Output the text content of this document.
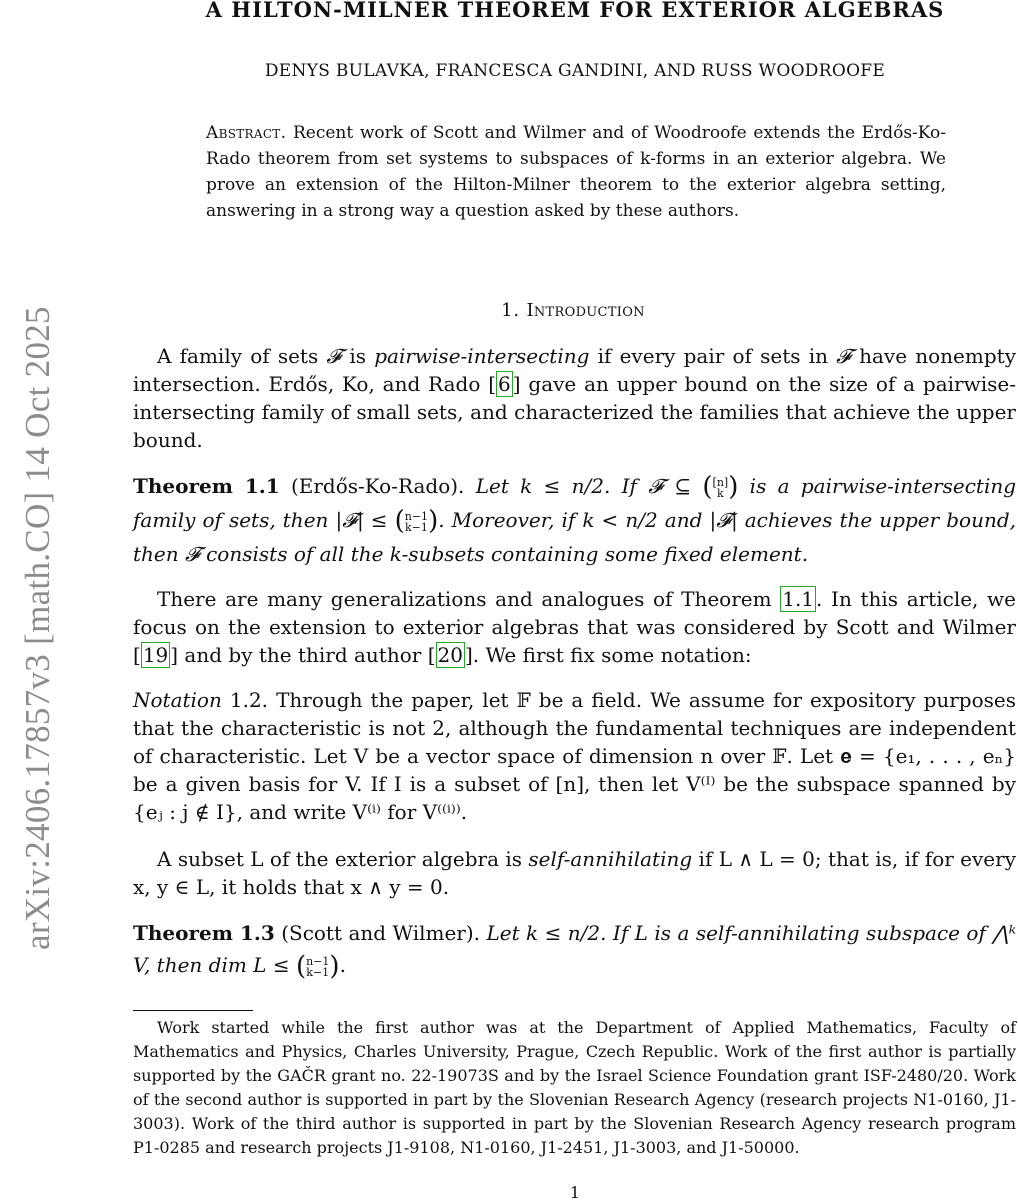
arXiv:2406.17857v3 [math.CO] 14 Oct 2025
A HILTON-MILNER THEOREM FOR EXTERIOR ALGEBRAS
DENYS BULAVKA, FRANCESCA GANDINI, AND RUSS WOODROOFE
Abstract. Recent work of Scott and Wilmer and of Woodroofe extends the Erdős-Ko-Rado theorem from set systems to subspaces of k-forms in an exterior algebra. We prove an extension of the Hilton-Milner theorem to the exterior algebra setting, answering in a strong way a question asked by these authors.
1. Introduction
A family of sets 𝓕 is pairwise-intersecting if every pair of sets in 𝓕 have nonempty intersection. Erdős, Ko, and Rado [ 6 ] gave an upper bound on the size of a pairwise-intersecting family of small sets, and characterized the families that achieve the upper bound.
Theorem 1.1 (Erdős-Ko-Rado). Let k ≤ n/2. If 𝓕 ⊆ ([n]
k ) is a pairwise-intersecting family of sets, then |𝓕| ≤ (n−1
k−1). Moreover, if k < n/2 and |𝓕| achieves the upper bound, then 𝓕 consists of all the k-subsets containing some fixed element.
There are many generalizations and analogues of Theorem 1.1 . In this article, we focus on the extension to exterior algebras that was considered by Scott and Wilmer [ 19 ] and by the third author [ 20 ]. We first fix some notation:
Notation 1.2. Through the paper, let 𝔽 be a field. We assume for expository purposes that the characteristic is not 2, although the fundamental techniques are independent of characteristic. Let V be a vector space of dimension n over 𝔽. Let 𝐞 = {e₁, . . . , eₙ} be a given basis for V. If I is a subset of [n], then let V⁽ᴵ⁾ be the subspace spanned by {eⱼ : j ∉ I}, and write V⁽ⁱ⁾ for V⁽⁽ⁱ⁾⁾.
A subset L of the exterior algebra is self-annihilating if L ∧ L = 0; that is, if for every x, y ∈ L, it holds that x ∧ y = 0.
Theorem 1.3 (Scott and Wilmer). Let k ≤ n/2. If L is a self-annihilating subspace of ⋀ᵏ V, then dim L ≤ (n−1
k−1).
Work started while the first author was at the Department of Applied Mathematics, Faculty of Mathematics and Physics, Charles University, Prague, Czech Republic. Work of the first author is partially supported by the GAČR grant no. 22-19073S and by the Israel Science Foundation grant ISF-2480/20. Work of the second author is supported in part by the Slovenian Research Agency (research projects N1-0160, J1-3003). Work of the third author is supported in part by the Slovenian Research Agency research program P1-0285 and research projects J1-9108, N1-0160, J1-2451, J1-3003, and J1-50000.
1
